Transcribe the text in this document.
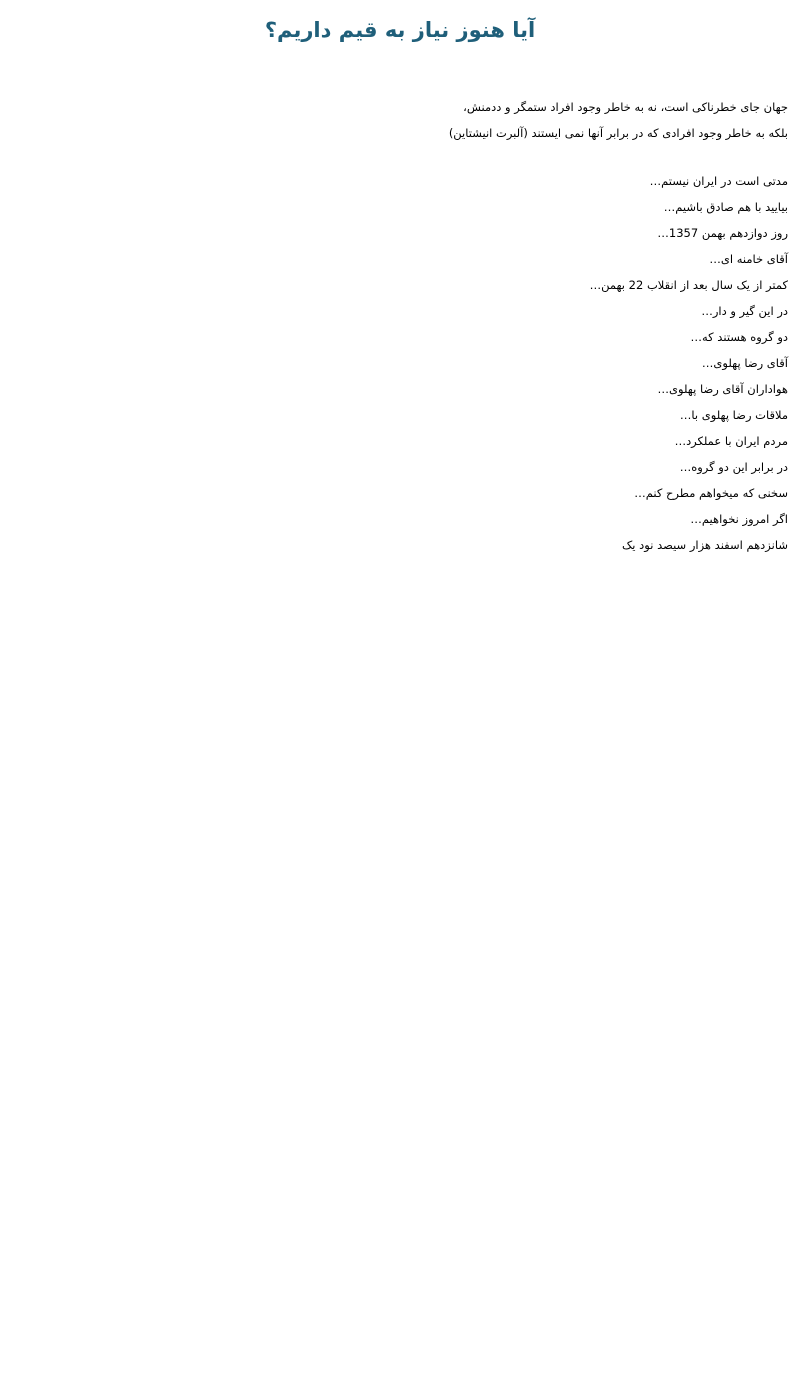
آیا هنوز نیاز به قیم داریم؟

جهان جای خطرناکی است، نه به خاطر وجود افراد ستمگر و ددمنش،

بلکه به خاطر وجود افرادی که در برابر آنها نمی ایستند (آلبرت انیشتاین)

مدتی است در ایران نیستم…

بیایید با هم صادق باشیم…

روز دوازدهم بهمن 1357…

آقای خامنه ای…

کمتر از یک سال بعد از انقلاب 22 بهمن…

در این گیر و دار…

دو گروه هستند که…

آقای رضا پهلوی…

هواداران آقای رضا پهلوی…

ملاقات رضا پهلوی با…

مردم ایران با عملکرد…

در برابر این دو گروه…

سخنی که میخواهم مطرح کنم…

اگر امروز نخواهیم…

شانزدهم اسفند هزار سیصد نود یک
